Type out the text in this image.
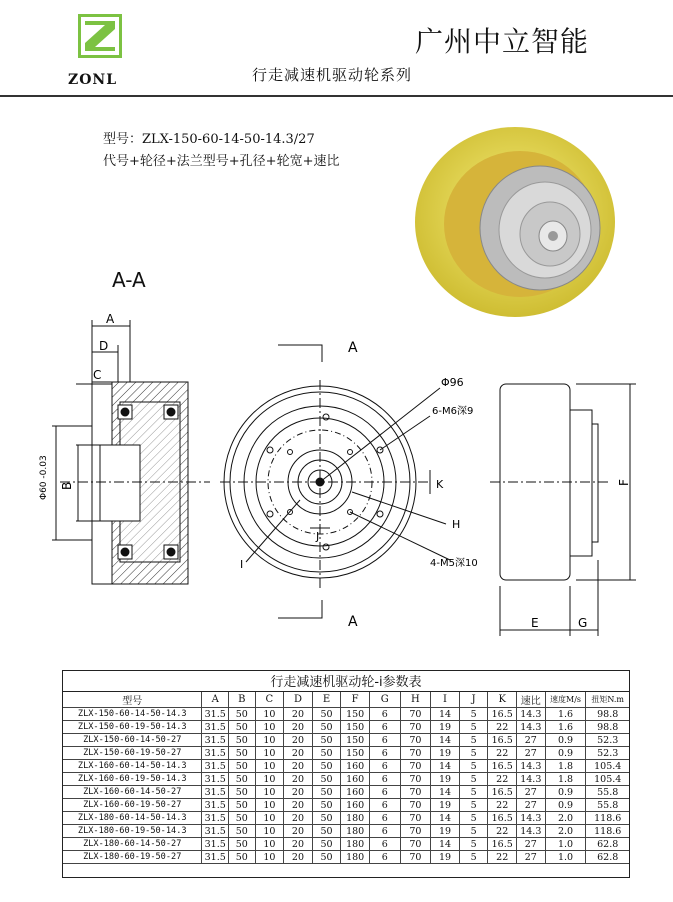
ZONL
广州中立智能
行走减速机驱动轮系列
型号：ZLX-150-60-14-50-14.3/27
代号+轮径+法兰型号+孔径+轮宽+速比
A-A
A
D
C
B
Φ60 -0.03
A
A
Φ96
6-M6深9
4-M5深10
H
I
J
K
E	G
F
行走减速机驱动轮-i参数表
型号	A	B	C	D	E	F	G	H	I	J	K	速比	速度M/s	扭矩N.m
ZLX-150-60-14-50-14.3	31.5	50	10	20	50	150	6	70	14	5	16.5	14.3	1.6	98.8
ZLX-150-60-19-50-14.3	31.5	50	10	20	50	150	6	70	19	5	22	14.3	1.6	98.8
ZLX-150-60-14-50-27	31.5	50	10	20	50	150	6	70	14	5	16.5	27	0.9	52.3
ZLX-150-60-19-50-27	31.5	50	10	20	50	150	6	70	19	5	22	27	0.9	52.3
ZLX-160-60-14-50-14.3	31.5	50	10	20	50	160	6	70	14	5	16.5	14.3	1.8	105.4
ZLX-160-60-19-50-14.3	31.5	50	10	20	50	160	6	70	19	5	22	14.3	1.8	105.4
ZLX-160-60-14-50-27	31.5	50	10	20	50	160	6	70	14	5	16.5	27	0.9	55.8
ZLX-160-60-19-50-27	31.5	50	10	20	50	160	6	70	19	5	22	27	0.9	55.8
ZLX-180-60-14-50-14.3	31.5	50	10	20	50	180	6	70	14	5	16.5	14.3	2.0	118.6
ZLX-180-60-19-50-14.3	31.5	50	10	20	50	180	6	70	19	5	22	14.3	2.0	118.6
ZLX-180-60-14-50-27	31.5	50	10	20	50	180	6	70	14	5	16.5	27	1.0	62.8
ZLX-180-60-19-50-27	31.5	50	10	20	50	180	6	70	19	5	22	27	1.0	62.8
